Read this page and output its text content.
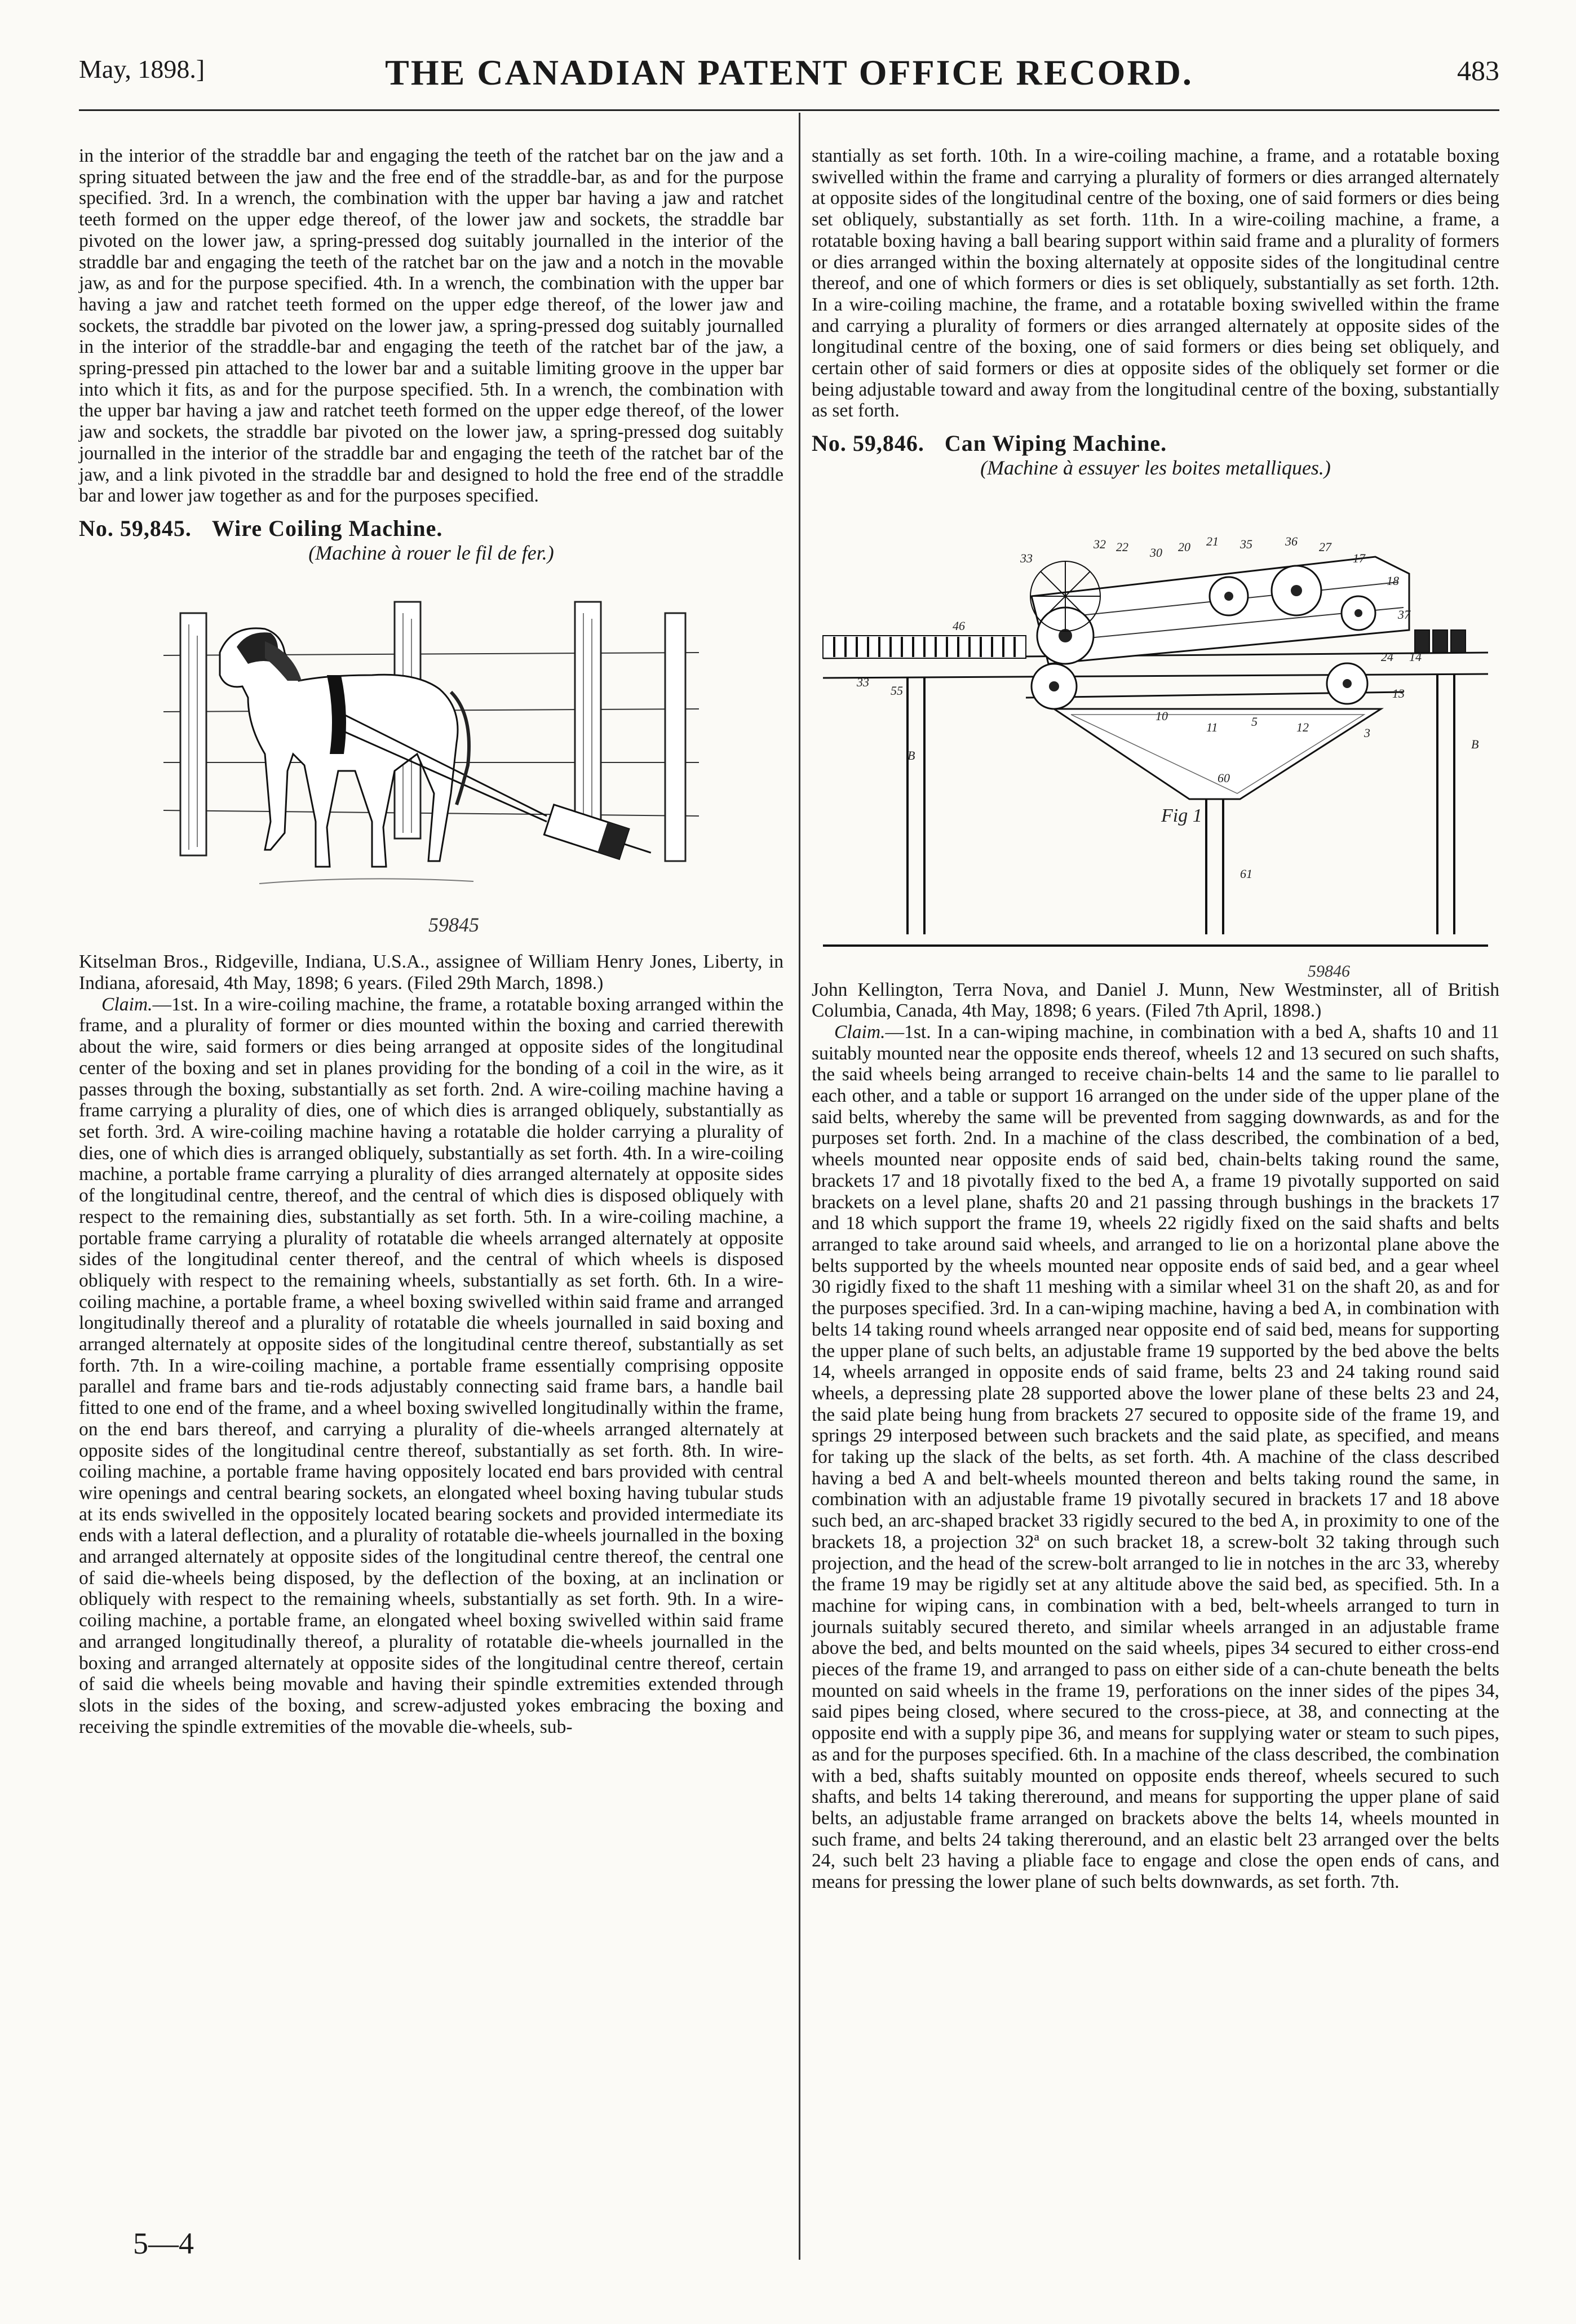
May, 1898.]	THE CANADIAN PATENT OFFICE RECORD.	483

in the interior of the straddle bar and engaging the teeth of the ratchet bar on the jaw and a spring situated between the jaw and the free end of the straddle-bar, as and for the purpose specified. 3rd. In a wrench, the combination with the upper bar having a jaw and ratchet teeth formed on the upper edge thereof, of the lower jaw and sockets, the straddle bar pivoted on the lower jaw, a spring-pressed dog suitably journalled in the interior of the straddle bar and engaging the teeth of the ratchet bar on the jaw and a notch in the movable jaw, as and for the purpose specified. 4th. In a wrench, the combination with the upper bar having a jaw and ratchet teeth formed on the upper edge thereof, of the lower jaw and sockets, the straddle bar pivoted on the lower jaw, a spring-pressed dog suitably journalled in the interior of the straddle-bar and engaging the teeth of the ratchet bar of the jaw, a spring-pressed pin attached to the lower bar and a suitable limiting groove in the upper bar into which it fits, as and for the purpose specified. 5th. In a wrench, the combination with the upper bar having a jaw and ratchet teeth formed on the upper edge thereof, of the lower jaw and sockets, the straddle bar pivoted on the lower jaw, a spring-pressed dog suitably journalled in the interior of the straddle bar and engaging the teeth of the ratchet bar of the jaw, and a link pivoted in the straddle bar and designed to hold the free end of the straddle bar and lower jaw together as and for the purposes specified.

No. 59,845. Wire Coiling Machine.
(Machine à rouer le fil de fer.)
59845

Kitselman Bros., Ridgeville, Indiana, U.S.A., assignee of William Henry Jones, Liberty, in Indiana, aforesaid, 4th May, 1898; 6 years. (Filed 29th March, 1898.)

Claim.—1st. In a wire-coiling machine, the frame, a rotatable boxing arranged within the frame, and a plurality of former or dies mounted within the boxing and carried therewith about the wire, said formers or dies being arranged at opposite sides of the longitudinal center of the boxing and set in planes providing for the bonding of a coil in the wire, as it passes through the boxing, substantially as set forth. 2nd. A wire-coiling machine having a frame carrying a plurality of dies, one of which dies is arranged obliquely, substantially as set forth. 3rd. A wire-coiling machine having a rotatable die holder carrying a plurality of dies, one of which dies is arranged obliquely, substantially as set forth. 4th. In a wire-coiling machine, a portable frame carrying a plurality of dies arranged alternately at opposite sides of the longitudinal centre, thereof, and the central of which dies is disposed obliquely with respect to the remaining dies, substantially as set forth. 5th. In a wire-coiling machine, a portable frame carrying a plurality of rotatable die wheels arranged alternately at opposite sides of the longitudinal center thereof, and the central of which wheels is disposed obliquely with respect to the remaining wheels, substantially as set forth. 6th. In a wire-coiling machine, a portable frame, a wheel boxing swivelled within said frame and arranged longitudinally thereof and a plurality of rotatable die wheels journalled in said boxing and arranged alternately at opposite sides of the longitudinal centre thereof, substantially as set forth. 7th. In a wire-coiling machine, a portable frame essentially comprising opposite parallel and frame bars and tie-rods adjustably connecting said frame bars, a handle bail fitted to one end of the frame, and a wheel boxing swivelled longitudinally within the frame, on the end bars thereof, and carrying a plurality of die-wheels arranged alternately at opposite sides of the longitudinal centre thereof, substantially as set forth. 8th. In wire-coiling machine, a portable frame having oppositely located end bars provided with central wire openings and central bearing sockets, an elongated wheel boxing having tubular studs at its ends swivelled in the oppositely located bearing sockets and provided intermediate its ends with a lateral deflection, and a plurality of rotatable die-wheels journalled in the boxing and arranged alternately at opposite sides of the longitudinal centre thereof, the central one of said die-wheels being disposed, by the deflection of the boxing, at an inclination or obliquely with respect to the remaining wheels, substantially as set forth. 9th. In a wire-coiling machine, a portable frame, an elongated wheel boxing swivelled within said frame and arranged longitudinally thereof, a plurality of rotatable die-wheels journalled in the boxing and arranged alternately at opposite sides of the longitudinal centre thereof, certain of said die wheels being movable and having their spindle extremities extended through slots in the sides of the boxing, and screw-adjusted yokes embracing the boxing and receiving the spindle extremities of the movable die-wheels, sub-

stantially as set forth. 10th. In a wire-coiling machine, a frame, and a rotatable boxing swivelled within the frame and carrying a plurality of formers or dies arranged alternately at opposite sides of the longitudinal centre of the boxing, one of said formers or dies being set obliquely, substantially as set forth. 11th. In a wire-coiling machine, a frame, a rotatable boxing having a ball bearing support within said frame and a plurality of formers or dies arranged within the boxing alternately at opposite sides of the longitudinal centre thereof, and one of which formers or dies is set obliquely, substantially as set forth. 12th. In a wire-coiling machine, the frame, and a rotatable boxing swivelled within the frame and carrying a plurality of formers or dies arranged alternately at opposite sides of the longitudinal centre of the boxing, one of said formers or dies being set obliquely, and certain other of said formers or dies at opposite sides of the obliquely set former or die being adjustable toward and away from the longitudinal centre of the boxing, substantially as set forth.

No. 59,846. Can Wiping Machine.
(Machine à essuyer les boites metalliques.)
33
32 22 30 20 21 35	36 27
17
18
37
46
33
55
10
11	5	12
13
24 14
60
61
B
B
3
Fig 1
59846

John Kellington, Terra Nova, and Daniel J. Munn, New Westminster, all of British Columbia, Canada, 4th May, 1898; 6 years. (Filed 7th April, 1898.)

Claim.—1st. In a can-wiping machine, in combination with a bed A, shafts 10 and 11 suitably mounted near the opposite ends thereof, wheels 12 and 13 secured on such shafts, the said wheels being arranged to receive chain-belts 14 and the same to lie parallel to each other, and a table or support 16 arranged on the under side of the upper plane of the said belts, whereby the same will be prevented from sagging downwards, as and for the purposes set forth. 2nd. In a machine of the class described, the combination of a bed, wheels mounted near opposite ends of said bed, chain-belts taking round the same, brackets 17 and 18 pivotally fixed to the bed A, a frame 19 pivotally supported on said brackets on a level plane, shafts 20 and 21 passing through bushings in the brackets 17 and 18 which support the frame 19, wheels 22 rigidly fixed on the said shafts and belts arranged to take around said wheels, and arranged to lie on a horizontal plane above the belts supported by the wheels mounted near opposite ends of said bed, and a gear wheel 30 rigidly fixed to the shaft 11 meshing with a similar wheel 31 on the shaft 20, as and for the purposes specified. 3rd. In a can-wiping machine, having a bed A, in combination with belts 14 taking round wheels arranged near opposite end of said bed, means for supporting the upper plane of such belts, an adjustable frame 19 supported by the bed above the belts 14, wheels arranged in opposite ends of said frame, belts 23 and 24 taking round said wheels, a depressing plate 28 supported above the lower plane of these belts 23 and 24, the said plate being hung from brackets 27 secured to opposite side of the frame 19, and springs 29 interposed between such brackets and the said plate, as specified, and means for taking up the slack of the belts, as set forth. 4th. A machine of the class described having a bed A and belt-wheels mounted thereon and belts taking round the same, in combination with an adjustable frame 19 pivotally secured in brackets 17 and 18 above such bed, an arc-shaped bracket 33 rigidly secured to the bed A, in proximity to one of the brackets 18, a projection 32ª on such bracket 18, a screw-bolt 32 taking through such projection, and the head of the screw-bolt arranged to lie in notches in the arc 33, whereby the frame 19 may be rigidly set at any altitude above the said bed, as specified. 5th. In a machine for wiping cans, in combination with a bed, belt-wheels arranged to turn in journals suitably secured thereto, and similar wheels arranged in an adjustable frame above the bed, and belts mounted on the said wheels, pipes 34 secured to either cross-end pieces of the frame 19, and arranged to pass on either side of a can-chute beneath the belts mounted on said wheels in the frame 19, perforations on the inner sides of the pipes 34, said pipes being closed, where secured to the cross-piece, at 38, and connecting at the opposite end with a supply pipe 36, and means for supplying water or steam to such pipes, as and for the purposes specified. 6th. In a machine of the class described, the combination with a bed, shafts suitably mounted on opposite ends thereof, wheels secured to such shafts, and belts 14 taking thereround, and means for supporting the upper plane of said belts, an adjustable frame arranged on brackets above the belts 14, wheels mounted in such frame, and belts 24 taking thereround, and an elastic belt 23 arranged over the belts 24, such belt 23 having a pliable face to engage and close the open ends of cans, and means for pressing the lower plane of such belts downwards, as set forth. 7th.

5—4
